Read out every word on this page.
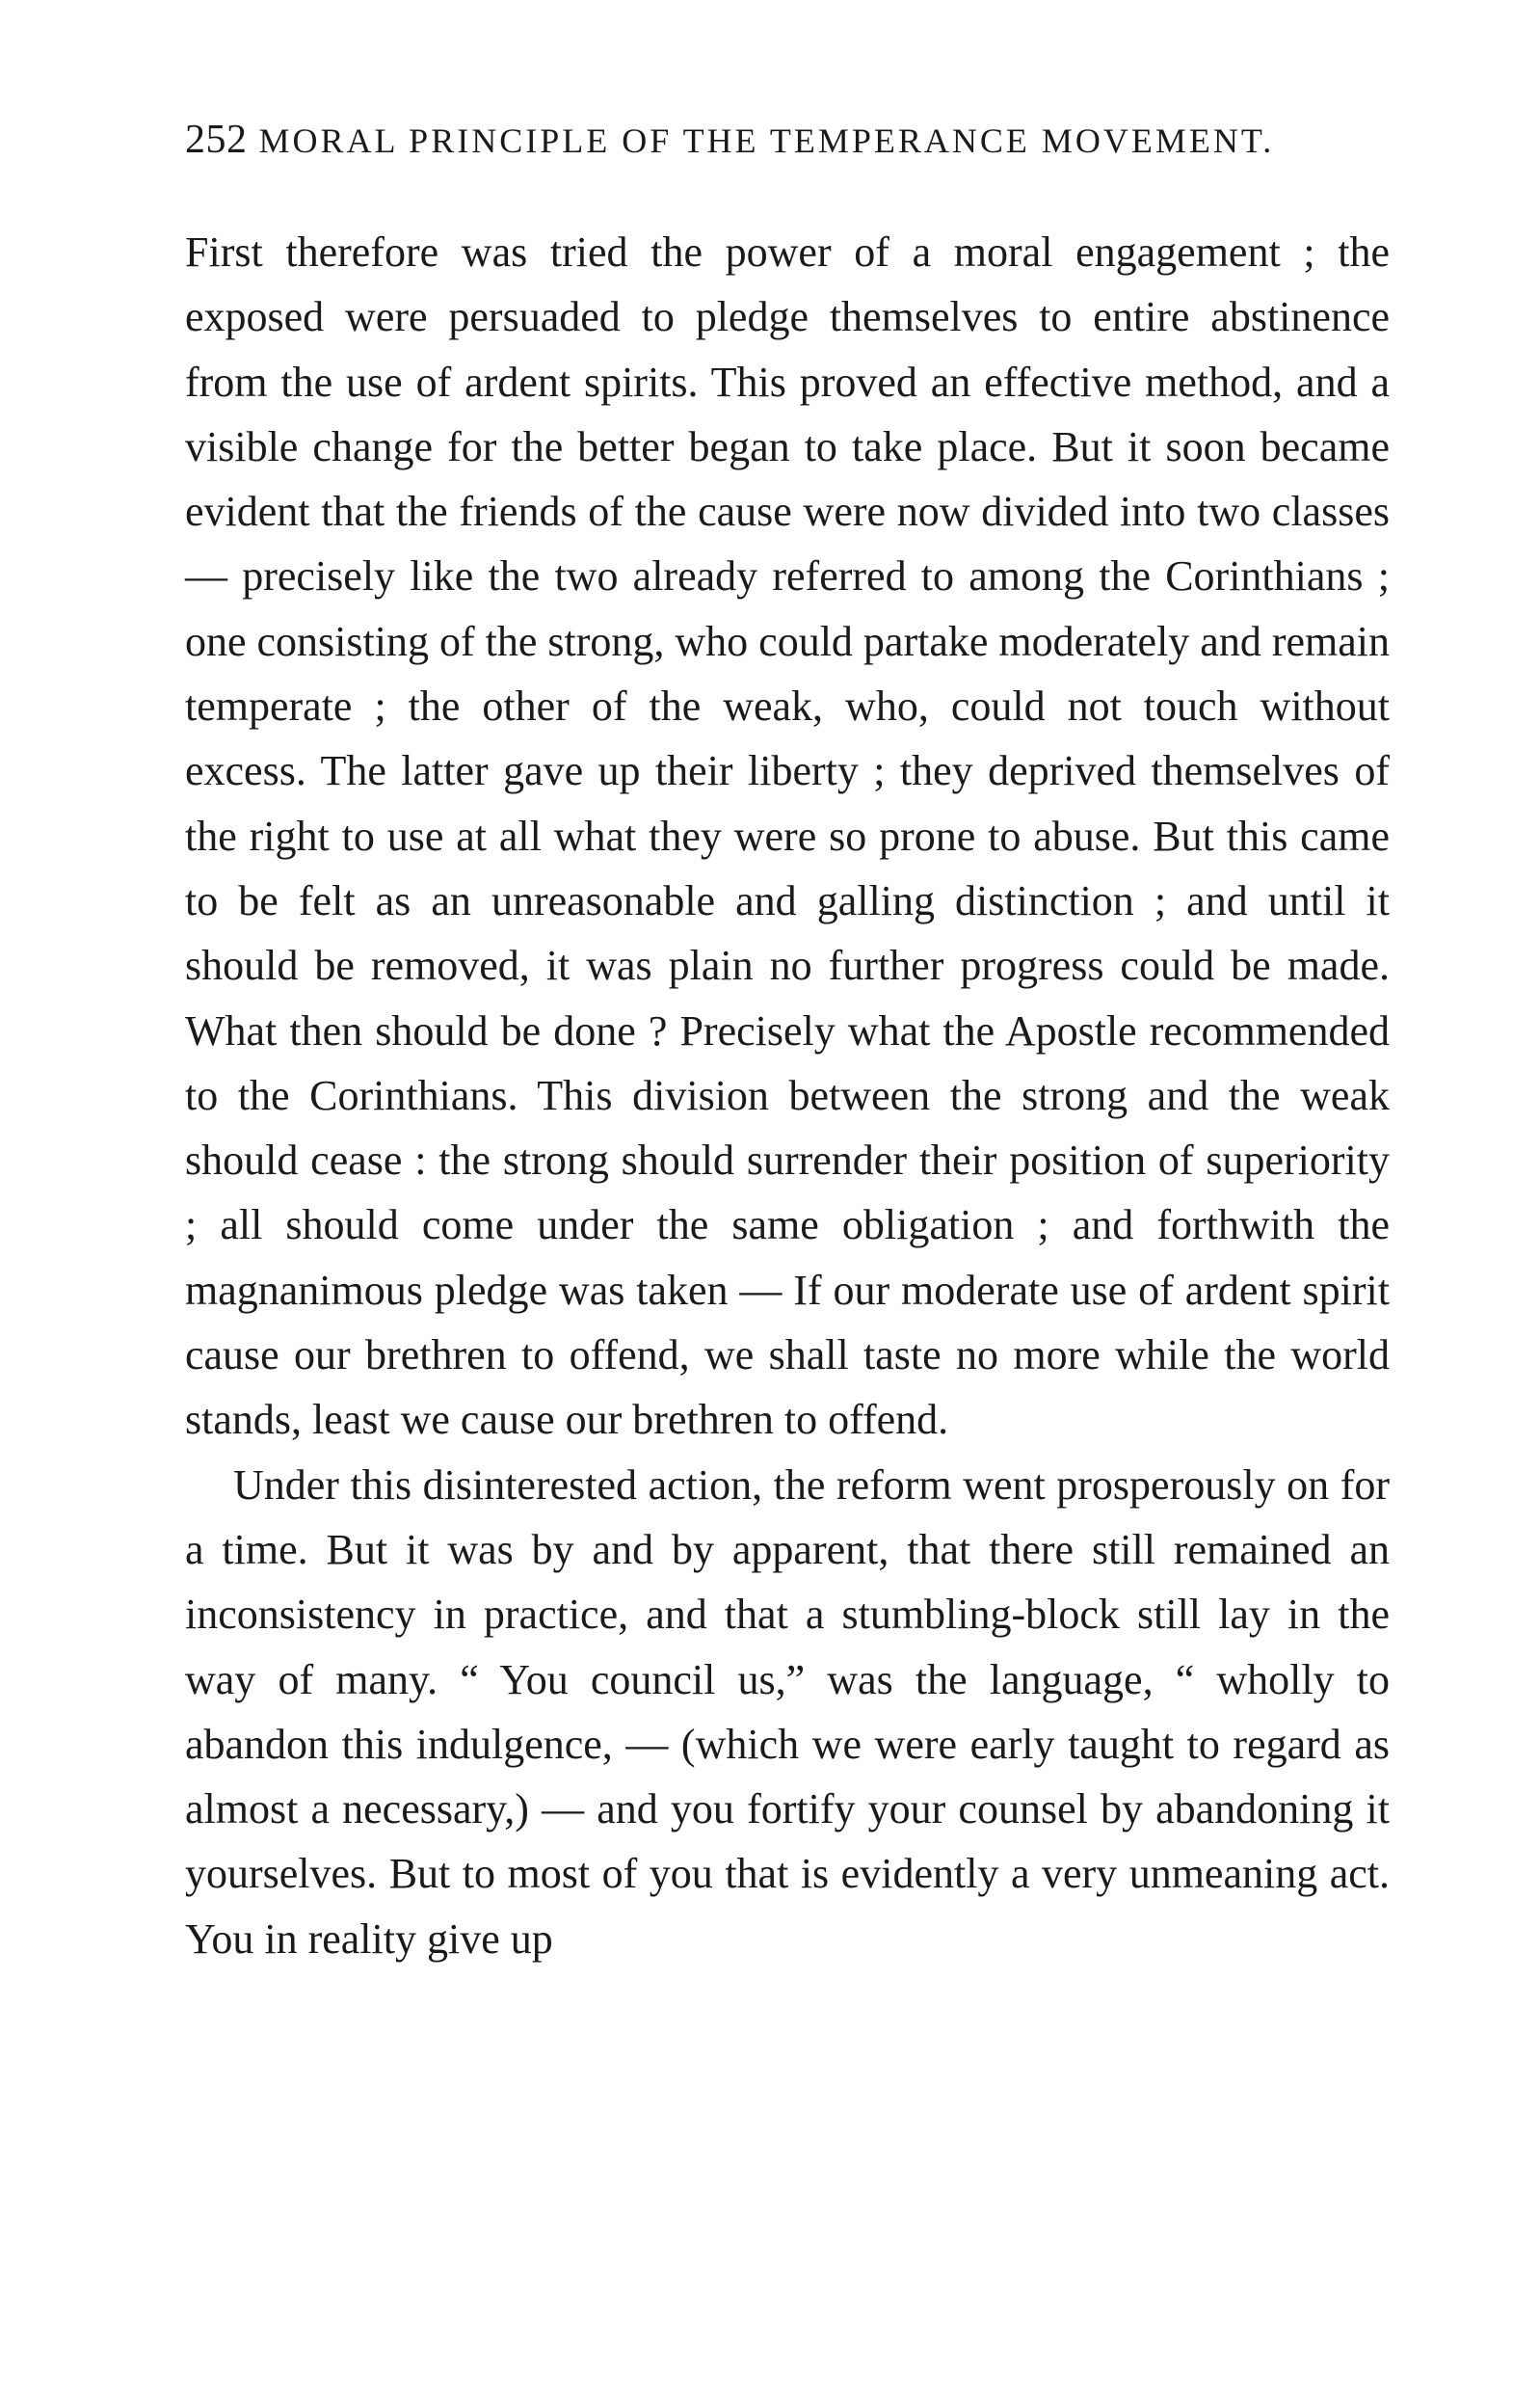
252 MORAL PRINCIPLE OF THE TEMPERANCE MOVEMENT.

First therefore was tried the power of a moral engagement ; the exposed were persuaded to pledge themselves to entire abstinence from the use of ardent spirits. This proved an effective method, and a visible change for the better began to take place. But it soon became evident that the friends of the cause were now divided into two classes — precisely like the two already referred to among the Corinthians ; one consisting of the strong, who could partake moderately and remain temperate ; the other of the weak, who, could not touch without excess. The latter gave up their liberty ; they deprived themselves of the right to use at all what they were so prone to abuse. But this came to be felt as an unreasonable and galling distinction ; and until it should be removed, it was plain no further progress could be made. What then should be done ? Precisely what the Apostle recommended to the Corinthians. This division between the strong and the weak should cease : the strong should surrender their position of superiority ; all should come under the same obligation ; and forthwith the magnanimous pledge was taken — If our moderate use of ardent spirit cause our brethren to offend, we shall taste no more while the world stands, least we cause our brethren to offend.

Under this disinterested action, the reform went prosperously on for a time. But it was by and by apparent, that there still remained an inconsistency in practice, and that a stumbling-block still lay in the way of many. “ You council us,” was the language, “ wholly to abandon this indulgence, — (which we were early taught to regard as almost a necessary,) — and you fortify your counsel by abandoning it yourselves. But to most of you that is evidently a very unmeaning act. You in reality give up
